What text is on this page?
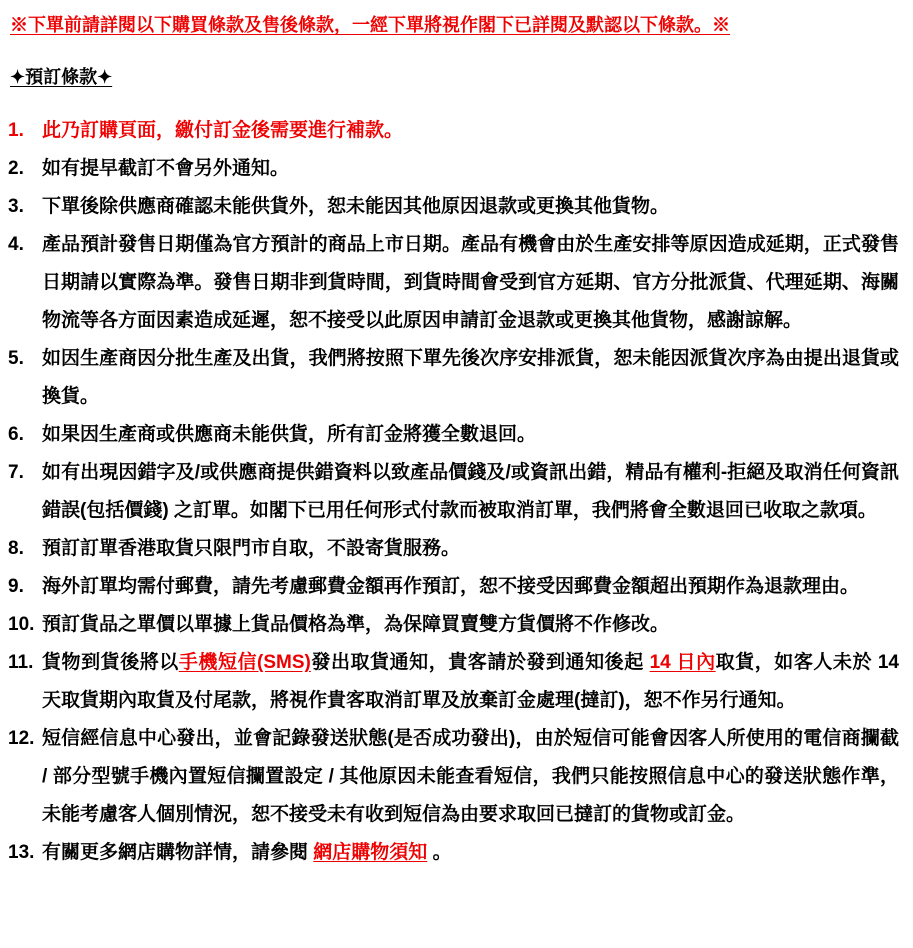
※下單前請詳閱以下購買條款及售後條款，一經下單將視作閣下已詳閱及默認以下條款。※
✦預訂條款✦
1. 此乃訂購頁面，繳付訂金後需要進行補款。
2. 如有提早截訂不會另外通知。
3. 下單後除供應商確認未能供貨外，恕未能因其他原因退款或更換其他貨物。
4. 產品預計發售日期僅為官方預計的商品上市日期。產品有機會由於生產安排等原因造成延期，正式發售日期請以實際為準。發售日期非到貨時間，到貨時間會受到官方延期、官方分批派貨、代理延期、海關物流等各方面因素造成延遲，恕不接受以此原因申請訂金退款或更換其他貨物，感謝諒解。
5. 如因生產商因分批生產及出貨，我們將按照下單先後次序安排派貨，恕未能因派貨次序為由提出退貨或換貨。
6. 如果因生產商或供應商未能供貨，所有訂金將獲全數退回。
7. 如有出現因錯字及/或供應商提供錯資料以致產品價錢及/或資訊出錯，精品有權利-拒絕及取消任何資訊錯誤(包括價錢) 之訂單。如閣下已用任何形式付款而被取消訂單，我們將會全數退回已收取之款項。
8. 預訂訂單香港取貨只限門市自取，不設寄貨服務。
9. 海外訂單均需付郵費，請先考慮郵費金額再作預訂，恕不接受因郵費金額超出預期作為退款理由。
10. 預訂貨品之單價以單據上貨品價格為準，為保障買賣雙方貨價將不作修改。
11. 貨物到貨後將以手機短信(SMS)發出取貨通知，貴客請於發到通知後起 14 日內取貨，如客人未於 14 天取貨期內取貨及付尾款，將視作貴客取消訂單及放棄訂金處理(撻訂)，恕不作另行通知。
12. 短信經信息中心發出，並會記錄發送狀態(是否成功發出)，由於短信可能會因客人所使用的電信商攔截 / 部分型號手機內置短信攔置設定 / 其他原因未能查看短信，我們只能按照信息中心的發送狀態作準，未能考慮客人個別情況，恕不接受未有收到短信為由要求取回已撻訂的貨物或訂金。
13. 有關更多網店購物詳情，請參閱 網店購物須知 。
